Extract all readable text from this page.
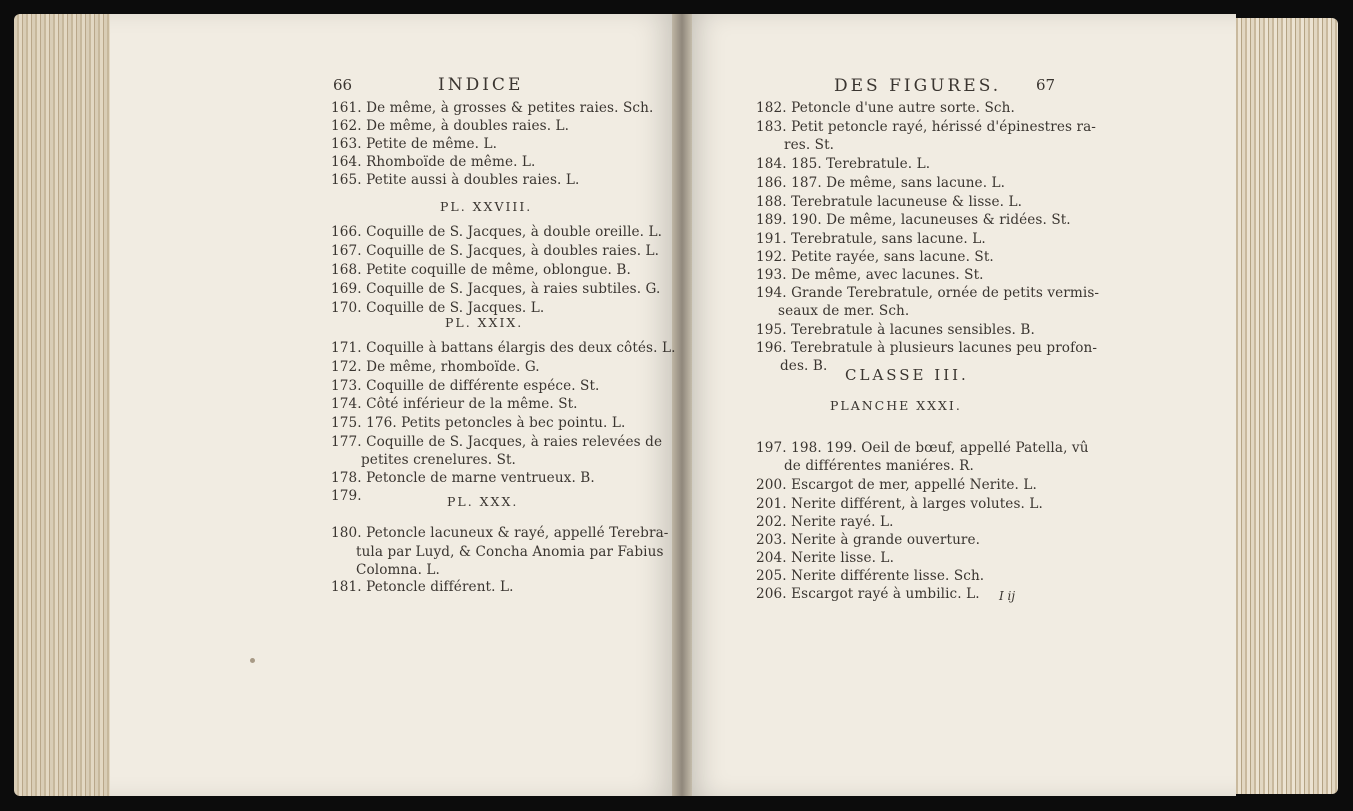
66	INDICE
161. De même, à grosses & petites raies. Sch.
162. De même, à doubles raies. L.
163. Petite de même. L.
164. Rhomboïde de même. L.
165. Petite aussi à doubles raies. L.
PL. XXVIII.
166. Coquille de S. Jacques, à double oreille. L.
167. Coquille de S. Jacques, à doubles raies. L.
168. Petite coquille de même, oblongue. B.
169. Coquille de S. Jacques, à raies subtiles. G.
170. Coquille de S. Jacques. L.
PL. XXIX.
171. Coquille à battans élargis des deux côtés. L.
172. De même, rhomboïde. G.
173. Coquille de différente espéce. St.
174. Côté inférieur de la même. St.
175. 176. Petits petoncles à bec pointu. L.
177. Coquille de S. Jacques, à raies relevées de
petites crenelures. St.
178. Petoncle de marne ventrueux. B.
179.	PL. XXX.
180. Petoncle lacuneux & rayé, appellé Terebra-
tula par Luyd, & Concha Anomia par Fabius
Colomna. L.
181. Petoncle différent. L.
DES FIGURES. 67
182. Petoncle d'une autre sorte. Sch.
183. Petit petoncle rayé, hérissé d'épinestres ra-
res. St.
184. 185. Terebratule. L.
186. 187. De même, sans lacune. L.
188. Terebratule lacuneuse & lisse. L.
189. 190. De même, lacuneuses & ridées. St.
191. Terebratule, sans lacune. L.
192. Petite rayée, sans lacune. St.
193. De même, avec lacunes. St.
194. Grande Terebratule, ornée de petits vermis-
seaux de mer. Sch.
195. Terebratule à lacunes sensibles. B.
196. Terebratule à plusieurs lacunes peu profon-
des. B. CLASSE III.
PLANCHE XXXI.
197. 198. 199. Oeil de bœuf, appellé Patella, vû
de différentes maniéres. R.
200. Escargot de mer, appellé Nerite. L.
201. Nerite différent, à larges volutes. L.
202. Nerite rayé. L.
203. Nerite à grande ouverture.
204. Nerite lisse. L.
205. Nerite différente lisse. Sch.
206. Escargot rayé à umbilic. L. I ij
